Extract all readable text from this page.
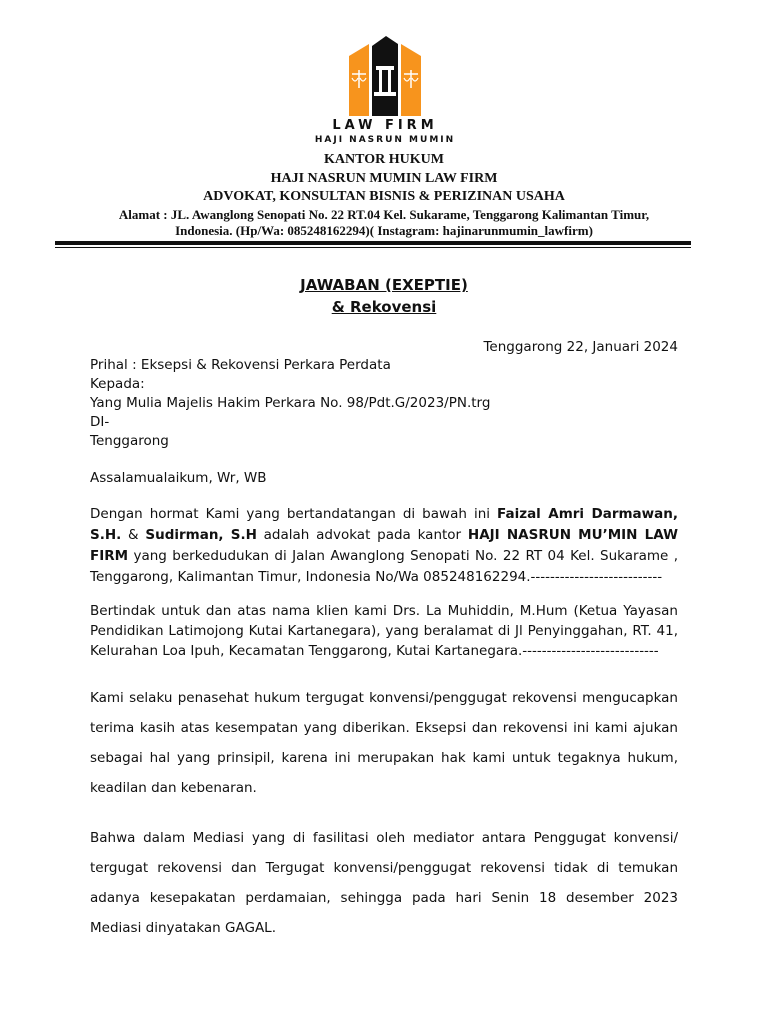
LAW FIRM
HAJI NASRUN MUMIN
KANTOR HUKUM
HAJI NASRUN MUMIN LAW FIRM
ADVOKAT, KONSULTAN BISNIS & PERIZINAN USAHA
Alamat : JL. Awanglong Senopati No. 22 RT.04 Kel. Sukarame, Tenggarong Kalimantan Timur,
Indonesia. (Hp/Wa: 085248162294)( Instagram: hajinarunmumin_lawfirm)
JAWABAN (EXEPTIE)
& Rekovensi
Tenggarong 22, Januari 2024
Prihal : Eksepsi & Rekovensi Perkara Perdata
Kepada:
Yang Mulia Majelis Hakim Perkara No. 98/Pdt.G/2023/PN.trg
DI-
Tenggarong
Assalamualaikum, Wr, WB
Dengan hormat Kami yang bertandatangan di bawah ini Faizal Amri Darmawan, S.H. & Sudirman, S.H adalah advokat pada kantor HAJI NASRUN MU’MIN LAW FIRM yang berkedudukan di Jalan Awanglong Senopati No. 22 RT 04 Kel. Sukarame , Tenggarong, Kalimantan Timur, Indonesia No/Wa 085248162294.---------------------------
Bertindak untuk dan atas nama klien kami Drs. La Muhiddin, M.Hum (Ketua Yayasan Pendidikan Latimojong Kutai Kartanegara), yang beralamat di Jl Penyinggahan, RT. 41, Kelurahan Loa Ipuh, Kecamatan Tenggarong, Kutai Kartanegara.----------------------------
Kami selaku penasehat hukum tergugat konvensi/penggugat rekovensi mengucapkan terima kasih atas kesempatan yang diberikan. Eksepsi dan rekovensi ini kami ajukan sebagai hal yang prinsipil, karena ini merupakan hak kami untuk tegaknya hukum, keadilan dan kebenaran.
Bahwa dalam Mediasi yang di fasilitasi oleh mediator antara Penggugat konvensi/ tergugat rekovensi dan Tergugat konvensi/penggugat rekovensi tidak di temukan adanya kesepakatan perdamaian, sehingga pada hari Senin 18 desember 2023 Mediasi dinyatakan GAGAL.
